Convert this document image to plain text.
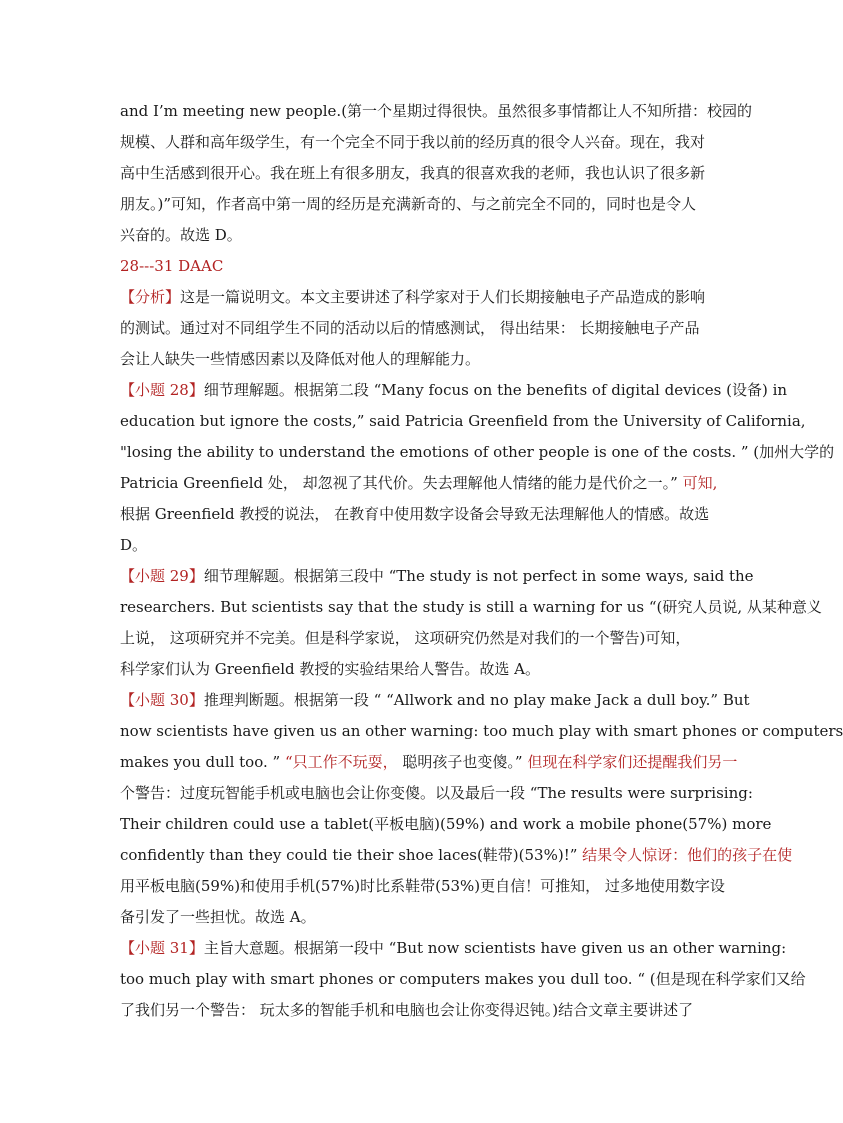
and I’m meeting new people.(第一个星期过得很快。虽然很多事情都让人不知所措：校园的
规模、人群和高年级学生，有一个完全不同于我以前的经历真的很令人兴奋。现在，我对
高中生活感到很开心。我在班上有很多朋友，我真的很喜欢我的老师，我也认识了很多新
朋友。)”可知，作者高中第一周的经历是充满新奇的、与之前完全不同的，同时也是令人
兴奋的。故选 D。
28---31 DAAC
【分析】这是一篇说明文。本文主要讲述了科学家对于人们长期接触电子产品造成的影响
的测试。通过对不同组学生不同的活动以后的情感测试， 得出结果： 长期接触电子产品
会让人缺失一些情感因素以及降低对他人的理解能力。
【小题 28】细节理解题。根据第二段 “Many focus on the benefits of digital devices (设备) in
education but ignore the costs,” said Patricia Greenfield from the University of California,
"losing the ability to understand the emotions of other people is one of the costs. ” (加州大学的
Patricia Greenfield 处， 却忽视了其代价。失去理解他人情绪的能力是代价之一。” 可知,
根据 Greenfield 教授的说法， 在教育中使用数字设备会导致无法理解他人的情感。故选
D。
【小题 29】细节理解题。根据第三段中 “The study is not perfect in some ways, said the
researchers. But scientists say that the study is still a warning for us “(研究人员说, 从某种意义
上说， 这项研究并不完美。但是科学家说， 这项研究仍然是对我们的一个警告)可知，
科学家们认为 Greenfield 教授的实验结果给人警告。故选 A。
【小题 30】推理判断题。根据第一段 “ “Allwork and no play make Jack a dull boy.” But
now scientists have given us an other warning: too much play with smart phones or computers
makes you dull too. ” “只工作不玩耍， 聪明孩子也变傻。” 但现在科学家们还提醒我们另一
个警告：过度玩智能手机或电脑也会让你变傻。以及最后一段 “The results were surprising:
Their children could use a tablet(平板电脑)(59%) and work a mobile phone(57%) more
confidently than they could tie their shoe laces(鞋带)(53%)!” 结果令人惊讶：他们的孩子在使
用平板电脑(59%)和使用手机(57%)时比系鞋带(53%)更自信！可推知， 过多地使用数字设
备引发了一些担忧。故选 A。
【小题 31】主旨大意题。根据第一段中 “But now scientists have given us an other warning:
too much play with smart phones or computers makes you dull too. “ (但是现在科学家们又给
了我们另一个警告： 玩太多的智能手机和电脑也会让你变得迟钝。)结合文章主要讲述了
